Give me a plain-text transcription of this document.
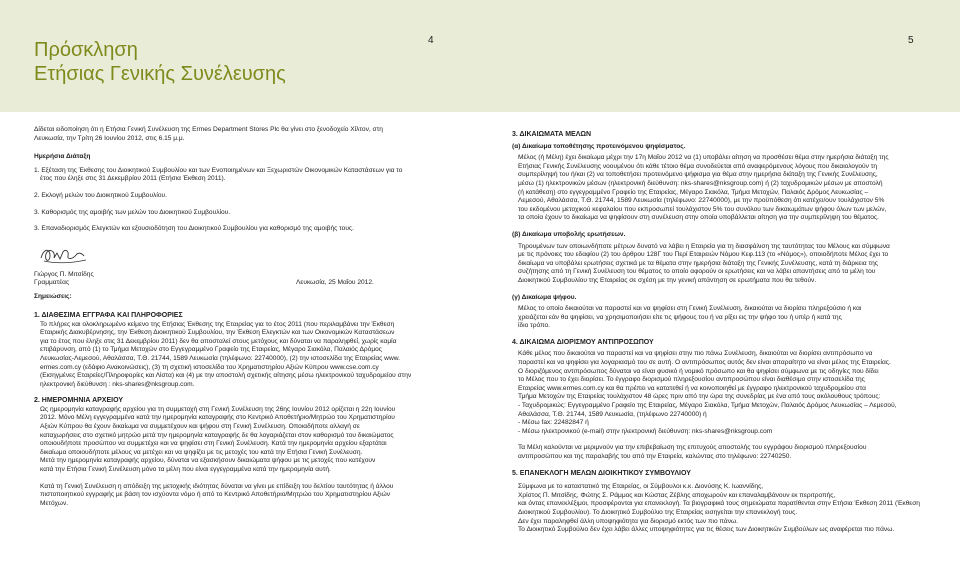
Πρόσκληση
Ετήσιας Γενικής Συνέλευσης
4	5

Δίδεται ειδοποίηση ότι η Ετήσια Γενική Συνέλευση της Ermes Department Stores Plc θα γίνει στο ξενοδοχείο Χίλτον, στη

Λευκωσία, την Τρίτη 26 Ιουνίου 2012, στις 6.15 μ.μ.

Ημερήσια Διάταξη

1. Εξέταση της Έκθεσης του Διοικητικού Συμβουλίου και των Ενοποιημένων και Ξεχωριστών Οικονομικών Καταστάσεων για το

έτος που έληξε στις 31 Δεκεμβρίου 2011 (Ετήσια Έκθεση 2011).

2. Εκλογή μελών του Διοικητικού Συμβουλίου.

3. Καθορισμός της αμοιβής των μελών του Διοικητικού Συμβουλίου.

3. Επαναδιορισμός Ελεγκτών και εξουσιοδότηση του Διοικητικού Συμβουλίου για καθορισμό της αμοιβής τους.

Γιώργος Π. Μιτσίδης

Γραμματέας	Λευκωσία, 25 Μαΐου 2012.

Σημειώσεις:

1. ΔΙΑΘΕΣΙΜΑ ΕΓΓΡΑΦΑ ΚΑΙ ΠΛΗΡΟΦΟΡΙΕΣ

Το πλήρες και ολοκληρωμένο κείμενο της Ετήσιας Έκθεσης της Εταιρείας για το έτος 2011 (που περιλαμβάνει την Έκθεση

Εταιρικής Διακυβέρνησης, την Έκθεση Διοικητικού Συμβουλίου, την Έκθεση Ελεγκτών και των Οικονομικών Καταστάσεων

για το έτος που έληξε στις 31 Δεκεμβρίου 2011) δεν θα αποσταλεί στους μετόχους και δύναται να παραληφθεί, χωρίς καμία

επιβάρυνση, από (1) το Τμήμα Μετοχών στο Εγγεγραμμένο Γραφείο της Εταιρείας, Μέγαρο Σιακόλα, Παλαιός Δρόμος

Λευκωσίας-Λεμεσού, Αθαλάσσα, Τ.Θ. 21744, 1589 Λευκωσία (τηλέφωνο: 22740000), (2) την ιστοσελίδα της Εταιρείας www.

ermes.com.cy (εδάφιο Ανακοινώσεις), (3) τη σχετική ιστοσελίδα του Χρηματιστηρίου Αξιών Κύπρου www.cse.com.cy

(Εισηγμένες Εταιρείες/Πληροφορίες και Λίστα) και (4) με την αποστολή σχετικής αίτησης μέσω ηλεκτρονικού ταχυδρομείου στην

ηλεκτρονική διεύθυνση : nks-shares@nksgroup.com.

2. ΗΜΕΡΟΜΗΝΙΑ ΑΡΧΕΙΟΥ

Ως ημερομηνία καταγραφής αρχείου για τη συμμετοχή στη Γενική Συνέλευση της 26ης Ιουνίου 2012 ορίζεται η 22η Ιουνίου

2012. Μόνο Μέλη εγγεγραμμένα κατά την ημερομηνία καταγραφής στο Κεντρικό Αποθετήριο/Μητρώο του Χρηματιστηρίου

Αξιών Κύπρου θα έχουν δικαίωμα να συμμετέχουν και ψήφου στη Γενική Συνέλευση. Οποιαδήποτε αλλαγή σε

καταχωρήσεις στο σχετικό μητρώο μετά την ημερομηνία καταγραφής δε θα λογαριάζεται στον καθορισμό του δικαιώματος

οποιουδήποτε προσώπου να συμμετέχει και να ψηφίσει στη Γενική Συνέλευση. Κατά την ημερομηνία αρχείου εξαρτάται

δικαίωμα οποιουδήποτε μέλους να μετέχει και να ψηφίζει με τις μετοχές του κατά την Ετήσια Γενική Συνέλευση.

Μετά την ημερομηνία καταγραφής αρχείου, δύναται να εξασκήσουν δικαιώματα ψήφου με τις μετοχές που κατέχουν

κατά την Ετήσια Γενική Συνέλευση μόνο τα μέλη που είναι εγγεγραμμένα κατά την ημερομηνία αυτή.

Κατά τη Γενική Συνέλευση η απόδειξη της μετοχικής ιδιότητας δύναται να γίνει με επίδειξη του δελτίου ταυτότητας ή άλλου

πιστοποιητικού εγγραφής με βάση τον ισχύοντα νόμο ή από το Κεντρικό Αποθετήριο/Μητρώο του Χρηματιστηρίου Αξιών

Μετόχων.

3. ΔΙΚΑΙΩΜΑΤΑ ΜΕΛΩΝ

(α) Δικαίωμα τοποθέτησης προτεινόμενου ψηφίσματος.

Μέλος (ή Μέλη) έχει δικαίωμα μέχρι την 17η Μαΐου 2012 να (1) υποβάλει αίτηση να προσθέσει θέμα στην ημερήσια διάταξη της

Ετήσιας Γενικής Συνέλευσης νοουμένου ότι κάθε τέτοιο θέμα συνοδεύεται από αναφερόμενους λόγους που δικαιολογούν τη

συμπερίληψή του ή/και (2) να τοποθετήσει προτεινόμενο ψήφισμα για θέμα στην ημερήσια διάταξη της Γενικής Συνέλευσης,

μέσω (1) ηλεκτρονικών μέσων (ηλεκτρονική διεύθυνση: nks-shares@nksgroup.com) ή (2) ταχυδρομικών μέσων με αποστολή

(ή κατάθεση) στο εγγεγραμμένο Γραφείο της Εταιρείας, Μέγαρο Σιακόλα, Τμήμα Μετοχών, Παλαιός Δρόμος Λευκωσίας –

Λεμεσού, Αθαλάσσα, Τ.Θ. 21744, 1589 Λευκωσία (τηλέφωνο: 22740000), με την προϋπόθεση ότι κατέχει/ουν τουλάχιστον 5%

του εκδομένου μετοχικού κεφαλαίου που εκπροσωπεί τουλάχιστον 5% του συνόλου των δικαιωμάτων ψήφου όλων των μελών,

τα οποία έχουν το δικαίωμα να ψηφίσουν στη συνέλευση στην οποία υποβάλλεται αίτηση για την συμπερίληψη του θέματος.

(β) Δικαίωμα υποβολής ερωτήσεων.

Τηρουμένων των οποιωνδήποτε μέτρων δυνατό να λάβει η Εταιρεία για τη διασφάλιση της ταυτότητας του Μέλους και σύμφωνα

με τις πρόνοιες του εδαφίου (2) του άρθρου 128Γ του Περί Εταιρειών Νόμου Κεφ.113 (το «Νόμος»), οποιοδήποτε Μέλος έχει το

δικαίωμα να υποβάλει ερωτήσεις σχετικά με τα θέματα στην ημερήσια διάταξη της Γενικής Συνέλευσης, κατά τη διάρκεια της

συζήτησης από τη Γενική Συνέλευση του θέματος το οποίο αφορούν οι ερωτήσεις και να λάβει απαντήσεις από τα μέλη του

Διοικητικού Συμβουλίου της Εταιρείας σε σχέση με την γενική απάντηση σε ερωτήματα που θα τεθούν.

(γ) Δικαίωμα ψήφου.

Μέλος το οποίο δικαιούται να παραστεί και να ψηφίσει στη Γενική Συνέλευση, δικαιούται να διορίσει πληρεξούσιο ή και

χρειάζεται εάν θα ψηφίσει, να χρησιμοποιήσει είτε τις ψήφους του ή να ρίξει εις την ψήφο του ή υπέρ ή κατά της

ίδιο τρόπο.

4. ΔΙΚΑΙΩΜΑ ΔΙΟΡΙΣΜΟΥ ΑΝΤΙΠΡΟΣΩΠΟΥ

Κάθε μέλος που δικαιούται να παραστεί και να ψηφίσει στην πιο πάνω Συνέλευση, δικαιούται να διορίσει αντιπρόσωπο να

παραστεί και να ψηφίσει για λογαριασμό του σε αυτή. Ο αντιπρόσωπος αυτός δεν είναι απαραίτητο να είναι μέλος της Εταιρείας.

Ο διοριζόμενος αντιπρόσωπος δύναται να είναι φυσικό ή νομικό πρόσωπο και θα ψηφίσει σύμφωνα με τις οδηγίες που δίδει

το Μέλος που το έχει διορίσει. Το έγγραφο διορισμού πληρεξουσίου αντιπροσώπου είναι διαθέσιμο στην ιστοσελίδα της

Εταιρείας www.ermes.com.cy και θα πρέπει να κατατεθεί ή να κοινοποιηθεί με έγγραφο ηλεκτρονικού ταχυδρομείου στα

Τμήμα Μετοχών της Εταιρείας τουλάχιστον 48 ώρες πριν από την ώρα της συνεδρίας με ένα από τους ακόλουθους τρόπους:

- Ταχυδρομικώς: Εγγεγραμμένο Γραφείο της Εταιρείας, Μέγαρο Σιακόλα, Τμήμα Μετοχών, Παλαιός Δρόμος Λευκωσίας – Λεμεσού,

Αθαλάσσα, Τ.Θ. 21744, 1589 Λευκωσία, (τηλέφωνο 22740000) ή

- Μέσω fax: 22482847 ή

- Μέσω ηλεκτρονικού (e-mail) στην ηλεκτρονική διεύθυνση: nks-shares@nksgroup.com

Τα Μέλη καλούνται να μεριμνούν για την επιβεβαίωση της επιτυχούς αποστολής του εγγράφου διορισμού πληρεξουσίου

αντιπροσώπου και της παραλαβής του από την Εταιρεία, καλώντας στο τηλέφωνο: 22740250.

5. ΕΠΑΝΕΚΛΟΓΗ ΜΕΛΩΝ ΔΙΟΙΚΗΤΙΚΟΥ ΣΥΜΒΟΥΛΙΟΥ

Σύμφωνα με το καταστατικό της Εταιρείας, οι Σύμβουλοι κ.κ. Διονύσης Κ. Ιωαννίδης,

Χρίστος Π. Μιτσίδης, Φώτης Σ. Ράμμος και Κώστας Ζέβλης αποχωρούν και επαναλαμβάνουν εκ περιτροπής,

και όντας επανεκλέξιμοι, προσφέρονται για επανεκλογή. Τα βιογραφικά τους σημειώματα παρατίθενται στην Ετήσια Έκθεση 2011 (Έκθεση

Διοικητικού Συμβουλίου). Το Διοικητικό Συμβούλιο της Εταιρείας εισηγείται την επανεκλογή τους.

Δεν έχει παραληφθεί άλλη υποψηφιότητα για διορισμό εκτός των πιο πάνω.

Το Διοικητικό Συμβούλιο δεν έχει λάβει άλλες υποψηφιότητες για τις θέσεις των Διοικητικών Συμβούλων ως αναφέρεται πιο πάνω.
